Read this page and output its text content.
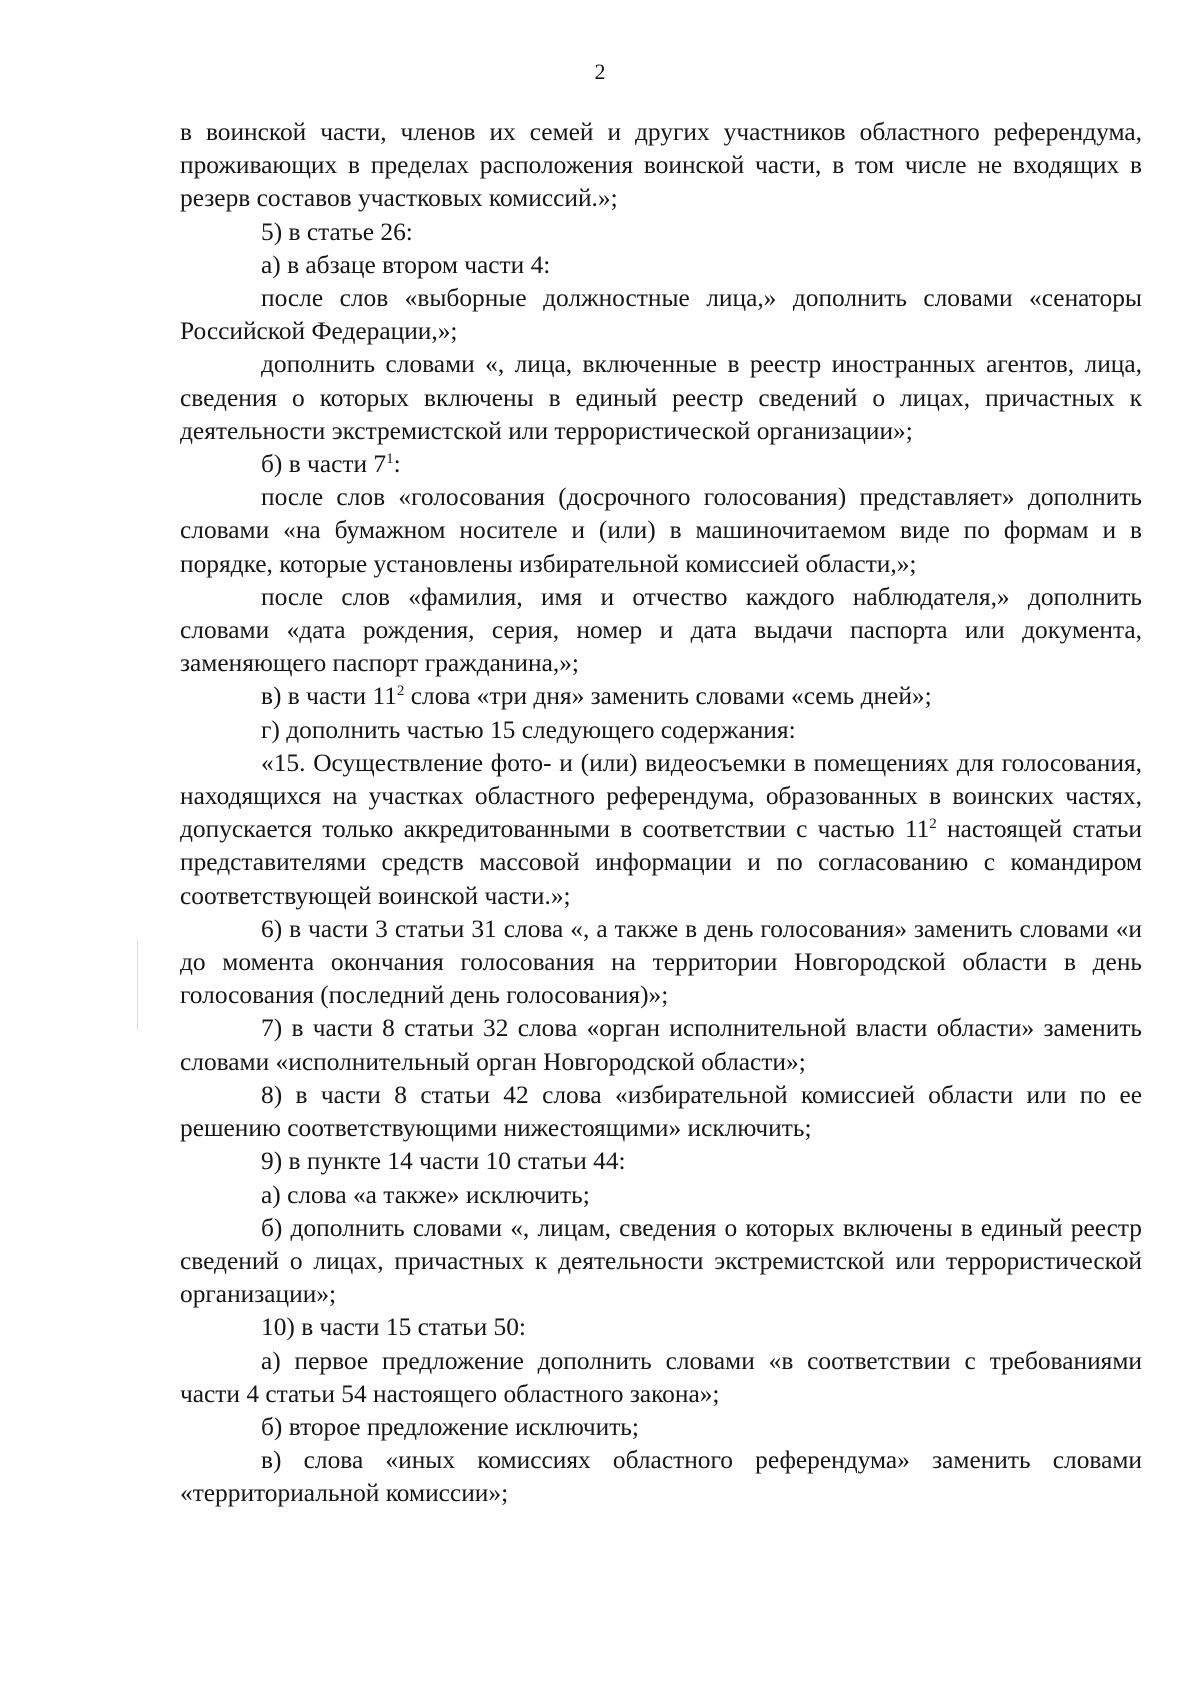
2

в воинской части, членов их семей и других участников областного референдума, проживающих в пределах расположения воинской части, в том числе не входящих в резерв составов участковых комиссий.»;

5) в статье 26:

а) в абзаце втором части 4:

после слов «выборные должностные лица,» дополнить словами «сенаторы Российской Федерации,»;

дополнить словами «, лица, включенные в реестр иностранных агентов, лица, сведения о которых включены в единый реестр сведений о лицах, причастных к деятельности экстремистской или террористической организации»;

б) в части $7^1$:

после слов «голосования (досрочного голосования) представляет» дополнить словами «на бумажном носителе и (или) в машиночитаемом виде по формам и в порядке, которые установлены избирательной комиссией области,»;

после слов «фамилия, имя и отчество каждого наблюдателя,» дополнить словами «дата рождения, серия, номер и дата выдачи паспорта или документа, заменяющего паспорт гражданина,»;

в) в части $11^2$ слова «три дня» заменить словами «семь дней»;

г) дополнить частью 15 следующего содержания:

«15. Осуществление фото- и (или) видеосъемки в помещениях для голосования, находящихся на участках областного референдума, образованных в воинских частях, допускается только аккредитованными в соответствии с частью $11^2$ настоящей статьи представителями средств массовой информации и по согласованию с командиром соответствующей воинской части.»;

6) в части 3 статьи 31 слова «, а также в день голосования» заменить словами «и до момента окончания голосования на территории Новгородской области в день голосования (последний день голосования)»;

7) в части 8 статьи 32 слова «орган исполнительной власти области» заменить словами «исполнительный орган Новгородской области»;

8) в части 8 статьи 42 слова «избирательной комиссией области или по ее решению соответствующими нижестоящими» исключить;

9) в пункте 14 части 10 статьи 44:

а) слова «а также» исключить;

б) дополнить словами «, лицам, сведения о которых включены в единый реестр сведений о лицах, причастных к деятельности экстремистской или террористической организации»;

10) в части 15 статьи 50:

а) первое предложение дополнить словами «в соответствии с требованиями части 4 статьи 54 настоящего областного закона»;

б) второе предложение исключить;

в) слова «иных комиссиях областного референдума» заменить словами «территориальной комиссии»;
